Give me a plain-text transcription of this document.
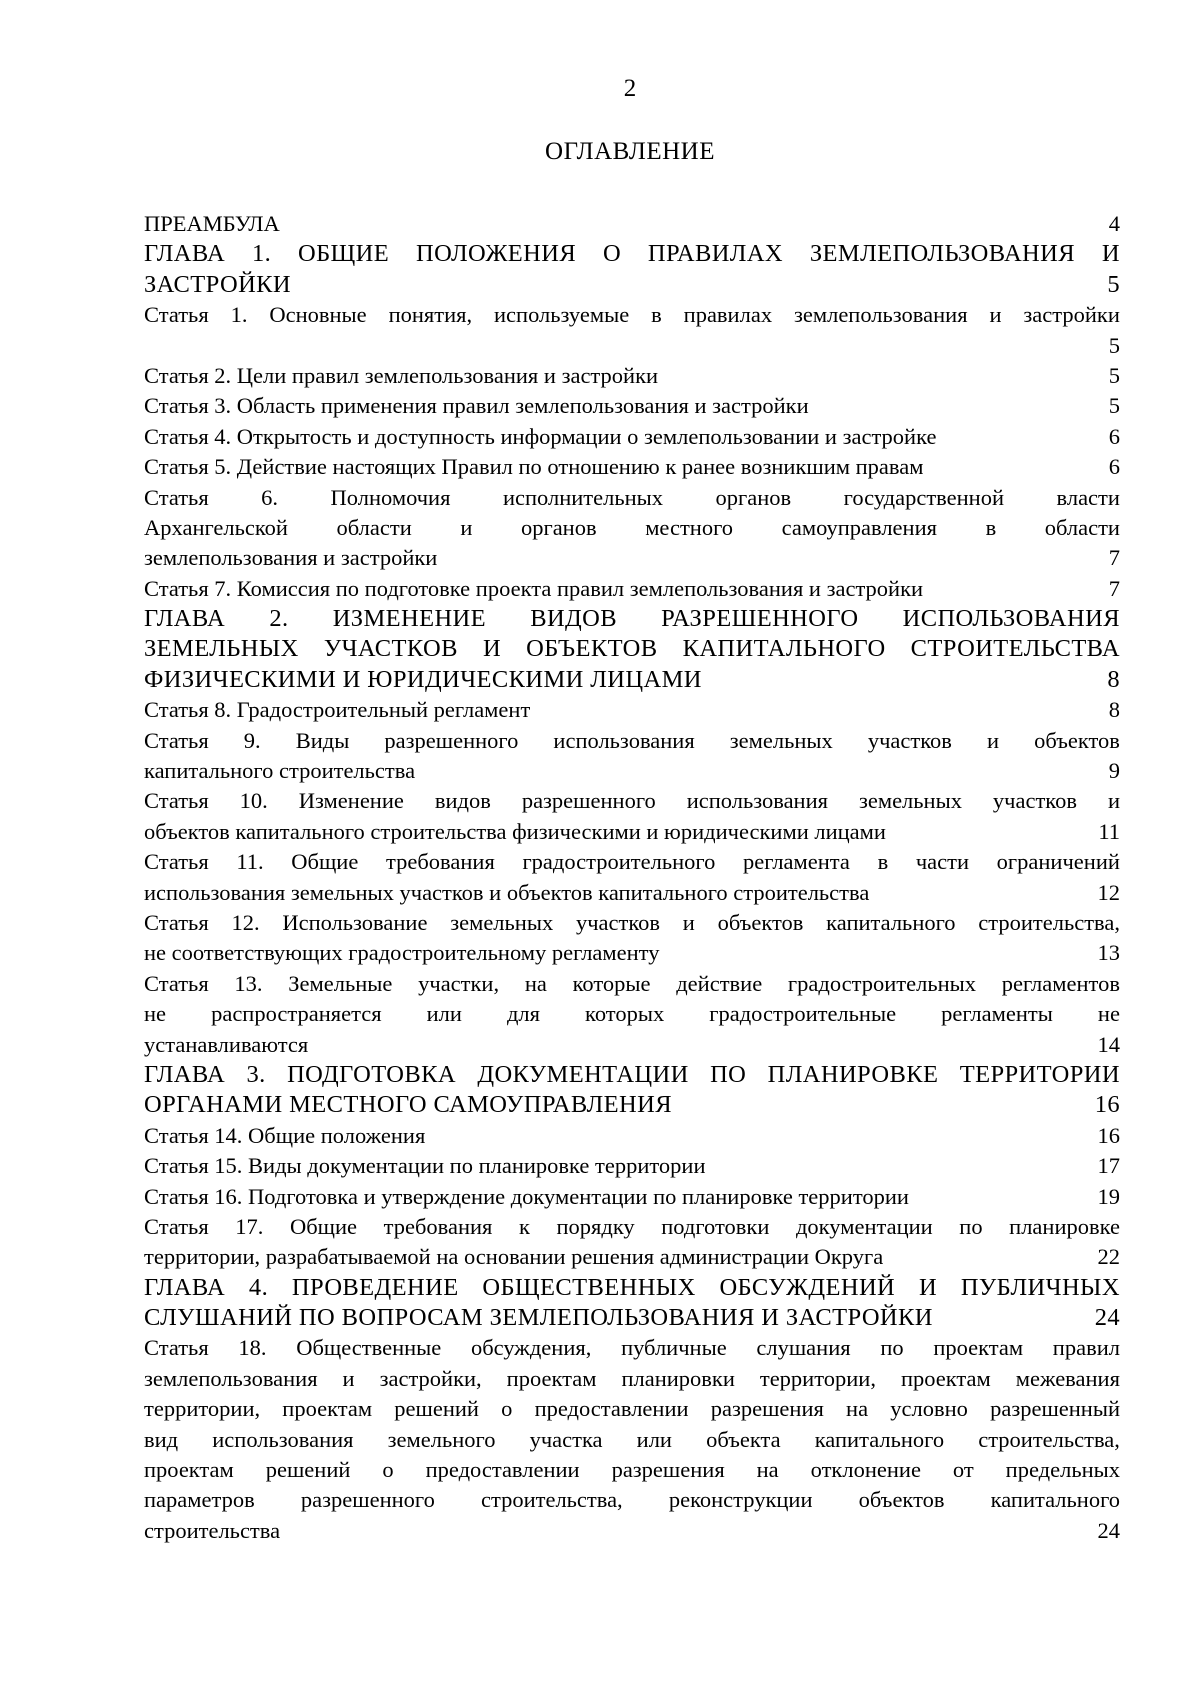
2
ОГЛАВЛЕНИЕ
ПРЕАМБУЛА	4
ГЛАВА 1. ОБЩИЕ ПОЛОЖЕНИЯ О ПРАВИЛАХ ЗЕМЛЕПОЛЬЗОВАНИЯ И
ЗАСТРОЙКИ	5
Статья 1. Основные понятия, используемые в правилах землепользования и застройки
5
Статья 2. Цели правил землепользования и застройки	5
Статья 3. Область применения правил землепользования и застройки	5
Статья 4. Открытость и доступность информации о землепользовании и застройке	6
Статья 5. Действие настоящих Правил по отношению к ранее возникшим правам	6
Статья 6. Полномочия исполнительных органов государственной власти
Архангельской области и органов местного самоуправления в области
землепользования и застройки	7
Статья 7. Комиссия по подготовке проекта правил землепользования и застройки	7
ГЛАВА 2. ИЗМЕНЕНИЕ ВИДОВ РАЗРЕШЕННОГО ИСПОЛЬЗОВАНИЯ
ЗЕМЕЛЬНЫХ УЧАСТКОВ И ОБЪЕКТОВ КАПИТАЛЬНОГО СТРОИТЕЛЬСТВА
ФИЗИЧЕСКИМИ И ЮРИДИЧЕСКИМИ ЛИЦАМИ	8
Статья 8. Градостроительный регламент	8
Статья 9. Виды разрешенного использования земельных участков и объектов
капитального строительства	9
Статья 10. Изменение видов разрешенного использования земельных участков и
объектов капитального строительства физическими и юридическими лицами	11
Статья 11. Общие требования градостроительного регламента в части ограничений
использования земельных участков и объектов капитального строительства	12
Статья 12. Использование земельных участков и объектов капитального строительства,
не соответствующих градостроительному регламенту	13
Статья 13. Земельные участки, на которые действие градостроительных регламентов
не распространяется или для которых градостроительные регламенты не
устанавливаются	14
ГЛАВА 3. ПОДГОТОВКА ДОКУМЕНТАЦИИ ПО ПЛАНИРОВКЕ ТЕРРИТОРИИ
ОРГАНАМИ МЕСТНОГО САМОУПРАВЛЕНИЯ	16
Статья 14. Общие положения	16
Статья 15. Виды документации по планировке территории	17
Статья 16. Подготовка и утверждение документации по планировке территории	19
Статья 17. Общие требования к порядку подготовки документации по планировке
территории, разрабатываемой на основании решения администрации Округа	22
ГЛАВА 4. ПРОВЕДЕНИЕ ОБЩЕСТВЕННЫХ ОБСУЖДЕНИЙ И ПУБЛИЧНЫХ
СЛУШАНИЙ ПО ВОПРОСАМ ЗЕМЛЕПОЛЬЗОВАНИЯ И ЗАСТРОЙКИ	24
Статья 18. Общественные обсуждения, публичные слушания по проектам правил
землепользования и застройки, проектам планировки территории, проектам межевания
территории, проектам решений о предоставлении разрешения на условно разрешенный
вид использования земельного участка или объекта капитального строительства,
проектам решений о предоставлении разрешения на отклонение от предельных
параметров разрешенного строительства, реконструкции объектов капитального
строительства	24
